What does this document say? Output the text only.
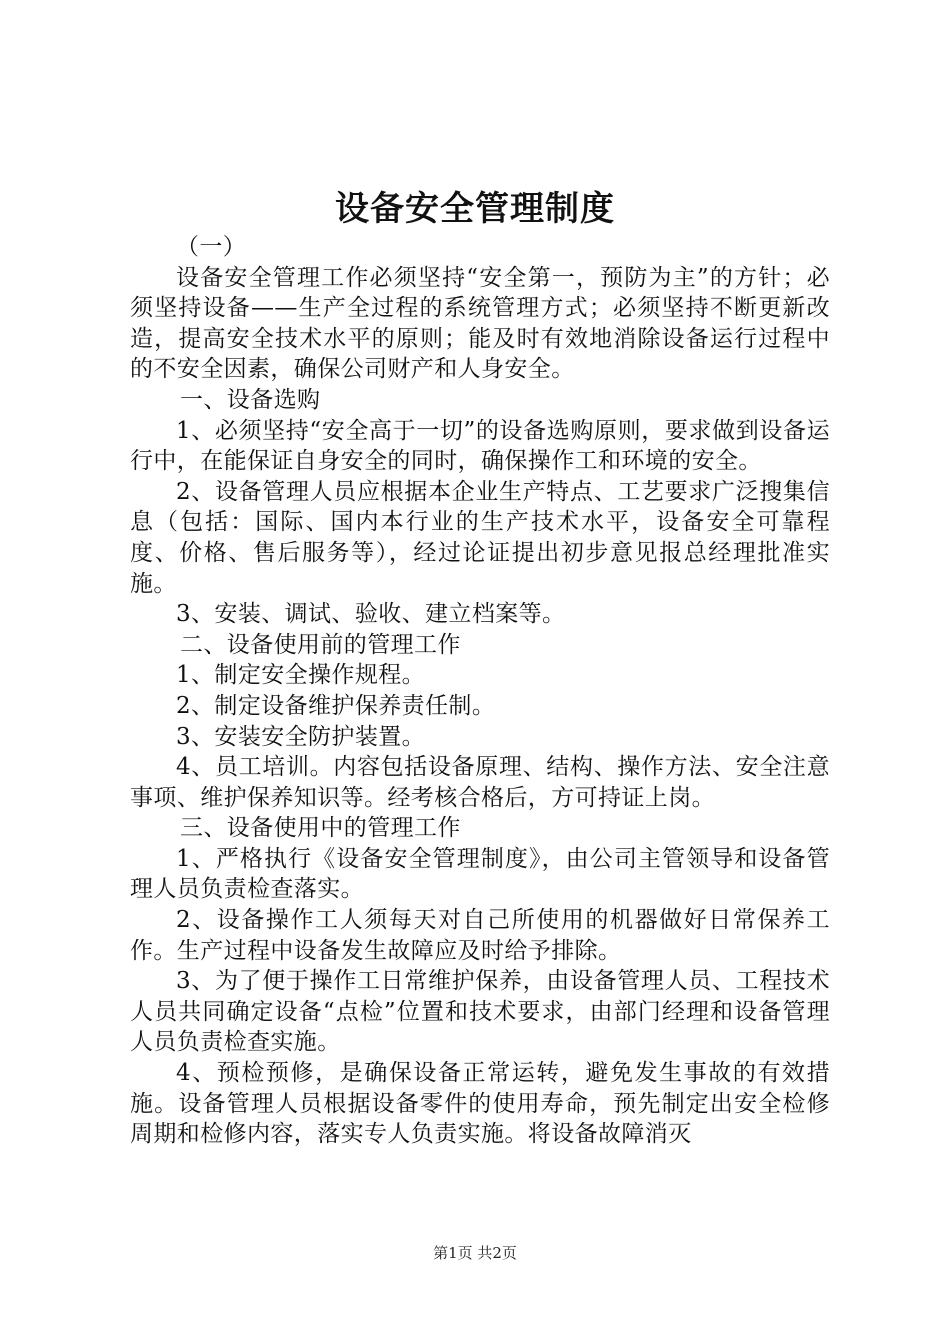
设备安全管理制度

（一）

设备安全管理工作必须坚持“安全第一，预防为主”的方针；必须坚持设备——生产全过程的系统管理方式；必须坚持不断更新改造，提高安全技术水平的原则；能及时有效地消除设备运行过程中的不安全因素，确保公司财产和人身安全。

一、设备选购

1、必须坚持“安全高于一切”的设备选购原则，要求做到设备运行中，在能保证自身安全的同时，确保操作工和环境的安全。

2、设备管理人员应根据本企业生产特点、工艺要求广泛搜集信息（包括：国际、国内本行业的生产技术水平，设备安全可靠程度、价格、售后服务等），经过论证提出初步意见报总经理批准实施。

3、安装、调试、验收、建立档案等。

二、设备使用前的管理工作

1、制定安全操作规程。

2、制定设备维护保养责任制。

3、安装安全防护装置。

4、员工培训。内容包括设备原理、结构、操作方法、安全注意事项、维护保养知识等。经考核合格后，方可持证上岗。

三、设备使用中的管理工作

1、严格执行《设备安全管理制度》，由公司主管领导和设备管理人员负责检查落实。

2、设备操作工人须每天对自己所使用的机器做好日常保养工作。生产过程中设备发生故障应及时给予排除。

3、为了便于操作工日常维护保养，由设备管理人员、工程技术人员共同确定设备“点检”位置和技术要求，由部门经理和设备管理人员负责检查实施。

4、预检预修，是确保设备正常运转，避免发生事故的有效措施。设备管理人员根据设备零件的使用寿命，预先制定出安全检修周期和检修内容，落实专人负责实施。将设备故障消灭

第1页 共2页
